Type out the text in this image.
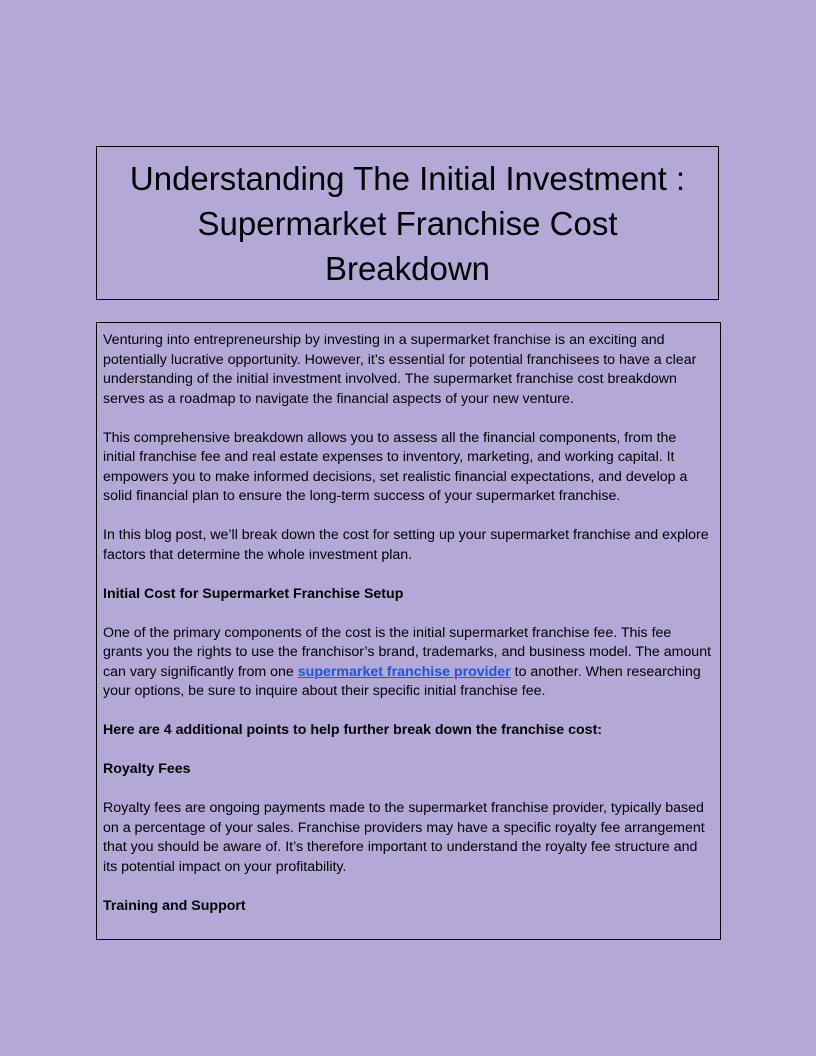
Understanding The Initial Investment :
Supermarket Franchise Cost
Breakdown

Venturing into entrepreneurship by investing in a supermarket franchise is an exciting and potentially lucrative opportunity. However, it’s essential for potential franchisees to have a clear understanding of the initial investment involved. The supermarket franchise cost breakdown serves as a roadmap to navigate the financial aspects of your new venture.

This comprehensive breakdown allows you to assess all the financial components, from the initial franchise fee and real estate expenses to inventory, marketing, and working capital. It empowers you to make informed decisions, set realistic financial expectations, and develop a solid financial plan to ensure the long-term success of your supermarket franchise.

In this blog post, we’ll break down the cost for setting up your supermarket franchise and explore factors that determine the whole investment plan.

Initial Cost for Supermarket Franchise Setup

One of the primary components of the cost is the initial supermarket franchise fee. This fee grants you the rights to use the franchisor’s brand, trademarks, and business model. The amount can vary significantly from one supermarket franchise provider to another. When researching your options, be sure to inquire about their specific initial franchise fee.

Here are 4 additional points to help further break down the franchise cost:

Royalty Fees

Royalty fees are ongoing payments made to the supermarket franchise provider, typically based on a percentage of your sales. Franchise providers may have a specific royalty fee arrangement that you should be aware of. It’s therefore important to understand the royalty fee structure and its potential impact on your profitability.

Training and Support
